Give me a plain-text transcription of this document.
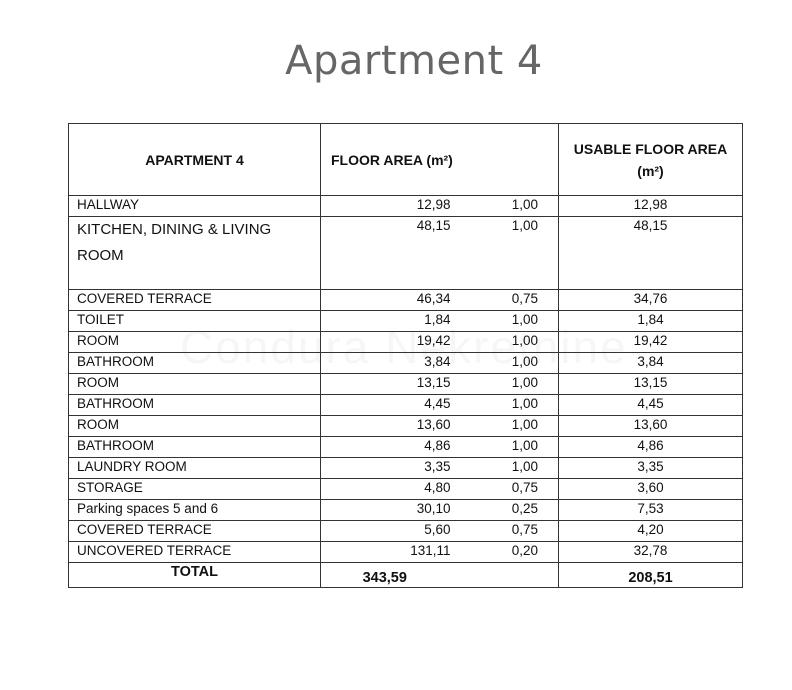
Apartment 4
APARTMENT 4	FLOOR AREA (m²)		USABLE FLOOR AREA (m²)
HALLWAY	12,98	1,00	12,98
KITCHEN, DINING & LIVING ROOM	48,15	1,00	48,15
COVERED TERRACE	46,34	0,75	34,76
TOILET	1,84	1,00	1,84
ROOM	19,42	1,00	19,42
BATHROOM	3,84	1,00	3,84
ROOM	13,15	1,00	13,15
BATHROOM	4,45	1,00	4,45
ROOM	13,60	1,00	13,60
BATHROOM	4,86	1,00	4,86
LAUNDRY ROOM	3,35	1,00	3,35
STORAGE	4,80	0,75	3,60
Parking spaces 5 and 6	30,10	0,25	7,53
COVERED TERRACE	5,60	0,75	4,20
UNCOVERED TERRACE	131,11	0,20	32,78
TOTAL	343,59		208,51
